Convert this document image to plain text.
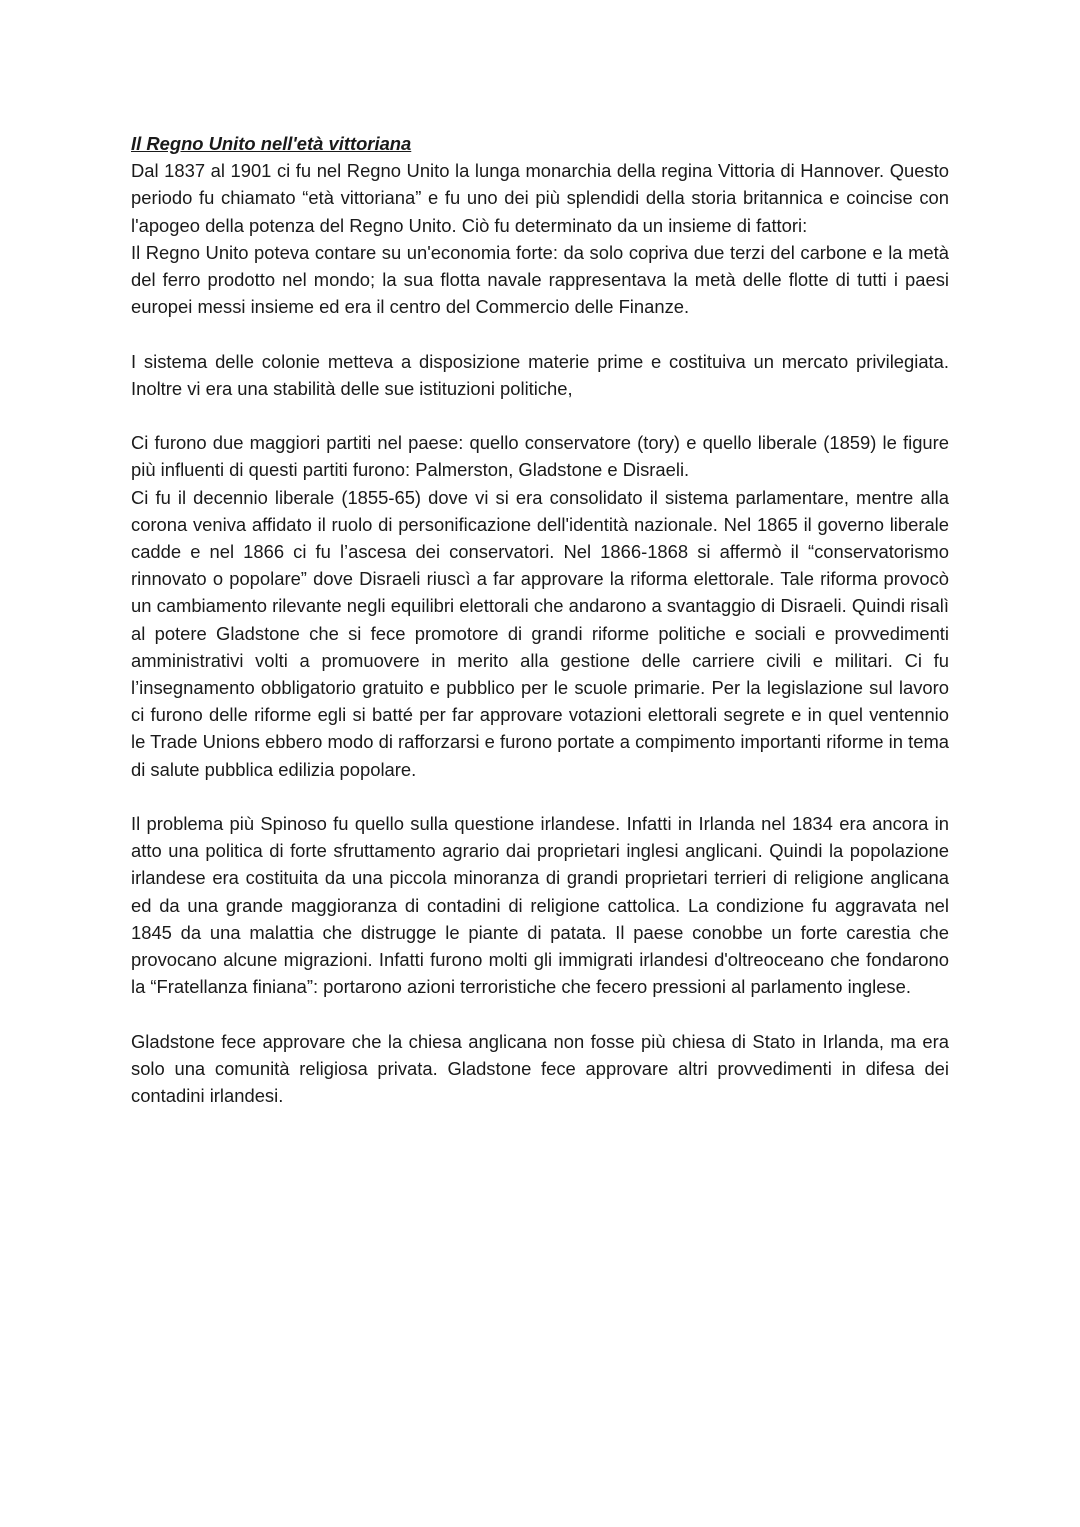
Il Regno Unito nell'età vittoriana

Dal 1837 al 1901 ci fu nel Regno Unito la lunga monarchia della regina Vittoria di Hannover. Questo periodo fu chiamato “età vittoriana” e fu uno dei più splendidi della storia britannica e coincise con l'apogeo della potenza del Regno Unito. Ciò fu determinato da un insieme di fattori:

Il Regno Unito poteva contare su un'economia forte: da solo copriva due terzi del carbone e la metà del ferro prodotto nel mondo; la sua flotta navale rappresentava la metà delle flotte di tutti i paesi europei messi insieme ed era il centro del Commercio delle Finanze.

I sistema delle colonie metteva a disposizione materie prime e costituiva un mercato privilegiata. Inoltre vi era una stabilità delle sue istituzioni politiche,

Ci furono due maggiori partiti nel paese: quello conservatore (tory) e quello liberale (1859) le figure più influenti di questi partiti furono: Palmerston, Gladstone e Disraeli.

Ci fu il decennio liberale (1855-65) dove vi si era consolidato il sistema parlamentare, mentre alla corona veniva affidato il ruolo di personificazione dell'identità nazionale. Nel 1865 il governo liberale cadde e nel 1866 ci fu l’ascesa dei conservatori. Nel 1866-1868 si affermò il “conservatorismo rinnovato o popolare” dove Disraeli riuscì a far approvare la riforma elettorale. Tale riforma provocò un cambiamento rilevante negli equilibri elettorali che andarono a svantaggio di Disraeli. Quindi risalì al potere Gladstone che si fece promotore di grandi riforme politiche e sociali e provvedimenti amministrativi volti a promuovere in merito alla gestione delle carriere civili e militari. Ci fu l’insegnamento obbligatorio gratuito e pubblico per le scuole primarie. Per la legislazione sul lavoro ci furono delle riforme egli si batté per far approvare votazioni elettorali segrete e in quel ventennio le Trade Unions ebbero modo di rafforzarsi e furono portate a compimento importanti riforme in tema di salute pubblica edilizia popolare.

Il problema più Spinoso fu quello sulla questione irlandese. Infatti in Irlanda nel 1834 era ancora in atto una politica di forte sfruttamento agrario dai proprietari inglesi anglicani. Quindi la popolazione irlandese era costituita da una piccola minoranza di grandi proprietari terrieri di religione anglicana ed da una grande maggioranza di contadini di religione cattolica. La condizione fu aggravata nel 1845 da una malattia che distrugge le piante di patata. Il paese conobbe un forte carestia che provocano alcune migrazioni. Infatti furono molti gli immigrati irlandesi d'oltreoceano che fondarono la “Fratellanza finiana”: portarono azioni terroristiche che fecero pressioni al parlamento inglese.

Gladstone fece approvare che la chiesa anglicana non fosse più chiesa di Stato in Irlanda, ma era solo una comunità religiosa privata. Gladstone fece approvare altri provvedimenti in difesa dei contadini irlandesi.
